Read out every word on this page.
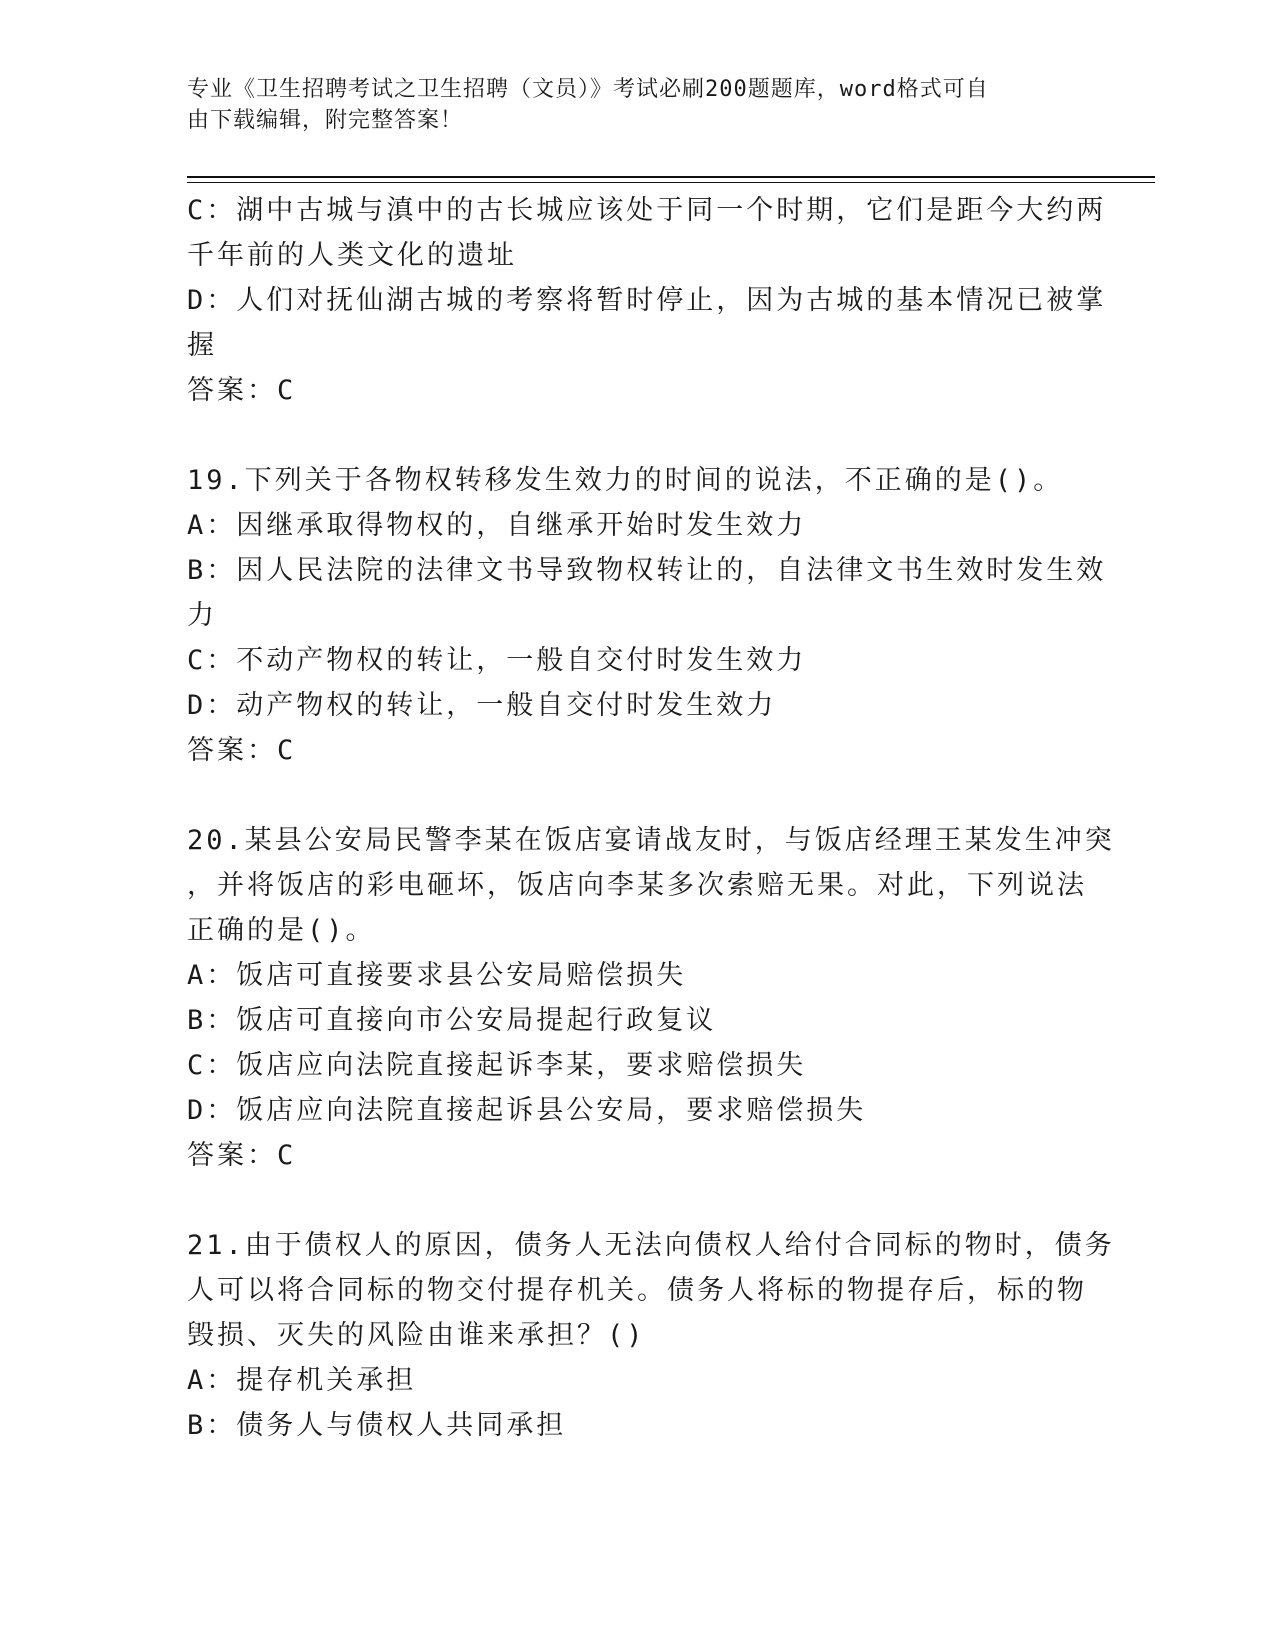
专业《卫生招聘考试之卫生招聘（文员）》考试必刷200题题库，word格式可自
由下载编辑，附完整答案！
C：湖中古城与滇中的古长城应该处于同一个时期，它们是距今大约两
千年前的人类文化的遗址
D：人们对抚仙湖古城的考察将暂时停止，因为古城的基本情况已被掌
握
答案：C
19.下列关于各物权转移发生效力的时间的说法，不正确的是()。
A：因继承取得物权的，自继承开始时发生效力
B：因人民法院的法律文书导致物权转让的，自法律文书生效时发生效
力
C：不动产物权的转让，一般自交付时发生效力
D：动产物权的转让，一般自交付时发生效力
答案：C
20.某县公安局民警李某在饭店宴请战友时，与饭店经理王某发生冲突
，并将饭店的彩电砸坏，饭店向李某多次索赔无果。对此，下列说法
正确的是()。
A：饭店可直接要求县公安局赔偿损失
B：饭店可直接向市公安局提起行政复议
C：饭店应向法院直接起诉李某，要求赔偿损失
D：饭店应向法院直接起诉县公安局，要求赔偿损失
答案：C
21.由于债权人的原因，债务人无法向债权人给付合同标的物时，债务
人可以将合同标的物交付提存机关。债务人将标的物提存后，标的物
毁损、灭失的风险由谁来承担？()
A：提存机关承担
B：债务人与债权人共同承担
